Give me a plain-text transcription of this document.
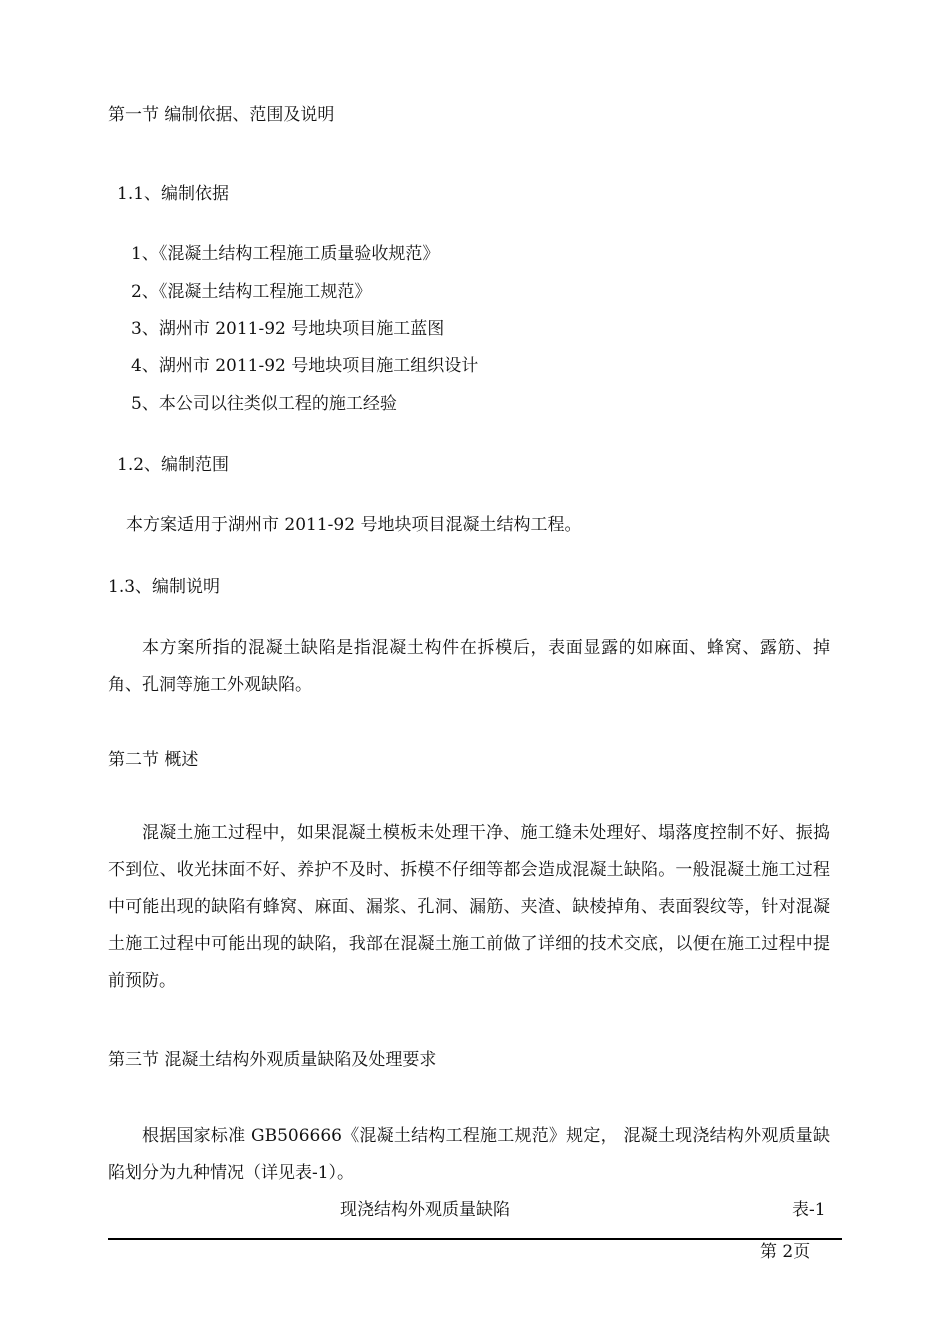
第一节 编制依据、范围及说明
1.1、编制依据
1、《混凝土结构工程施工质量验收规范》
2、《混凝土结构工程施工规范》
3、湖州市 2011-92 号地块项目施工蓝图
4、湖州市 2011-92 号地块项目施工组织设计
5、本公司以往类似工程的施工经验
1.2、编制范围
本方案适用于湖州市 2011-92 号地块项目混凝土结构工程。
1.3、编制说明
本方案所指的混凝土缺陷是指混凝土构件在拆模后，表面显露的如麻面、蜂窝、露筋、掉角、孔洞等施工外观缺陷。
第二节 概述
混凝土施工过程中，如果混凝土模板未处理干净、施工缝未处理好、塌落度控制不好、振捣不到位、收光抹面不好、养护不及时、拆模不仔细等都会造成混凝土缺陷。一般混凝土施工过程中可能出现的缺陷有蜂窝、麻面、漏浆、孔洞、漏筋、夹渣、缺棱掉角、表面裂纹等，针对混凝土施工过程中可能出现的缺陷，我部在混凝土施工前做了详细的技术交底，以便在施工过程中提前预防。
第三节 混凝土结构外观质量缺陷及处理要求
根据国家标准 GB506666《混凝土结构工程施工规范》规定， 混凝土现浇结构外观质量缺陷划分为九种情况（详见表-1）。
现浇结构外观质量缺陷	表-1
第 2页
